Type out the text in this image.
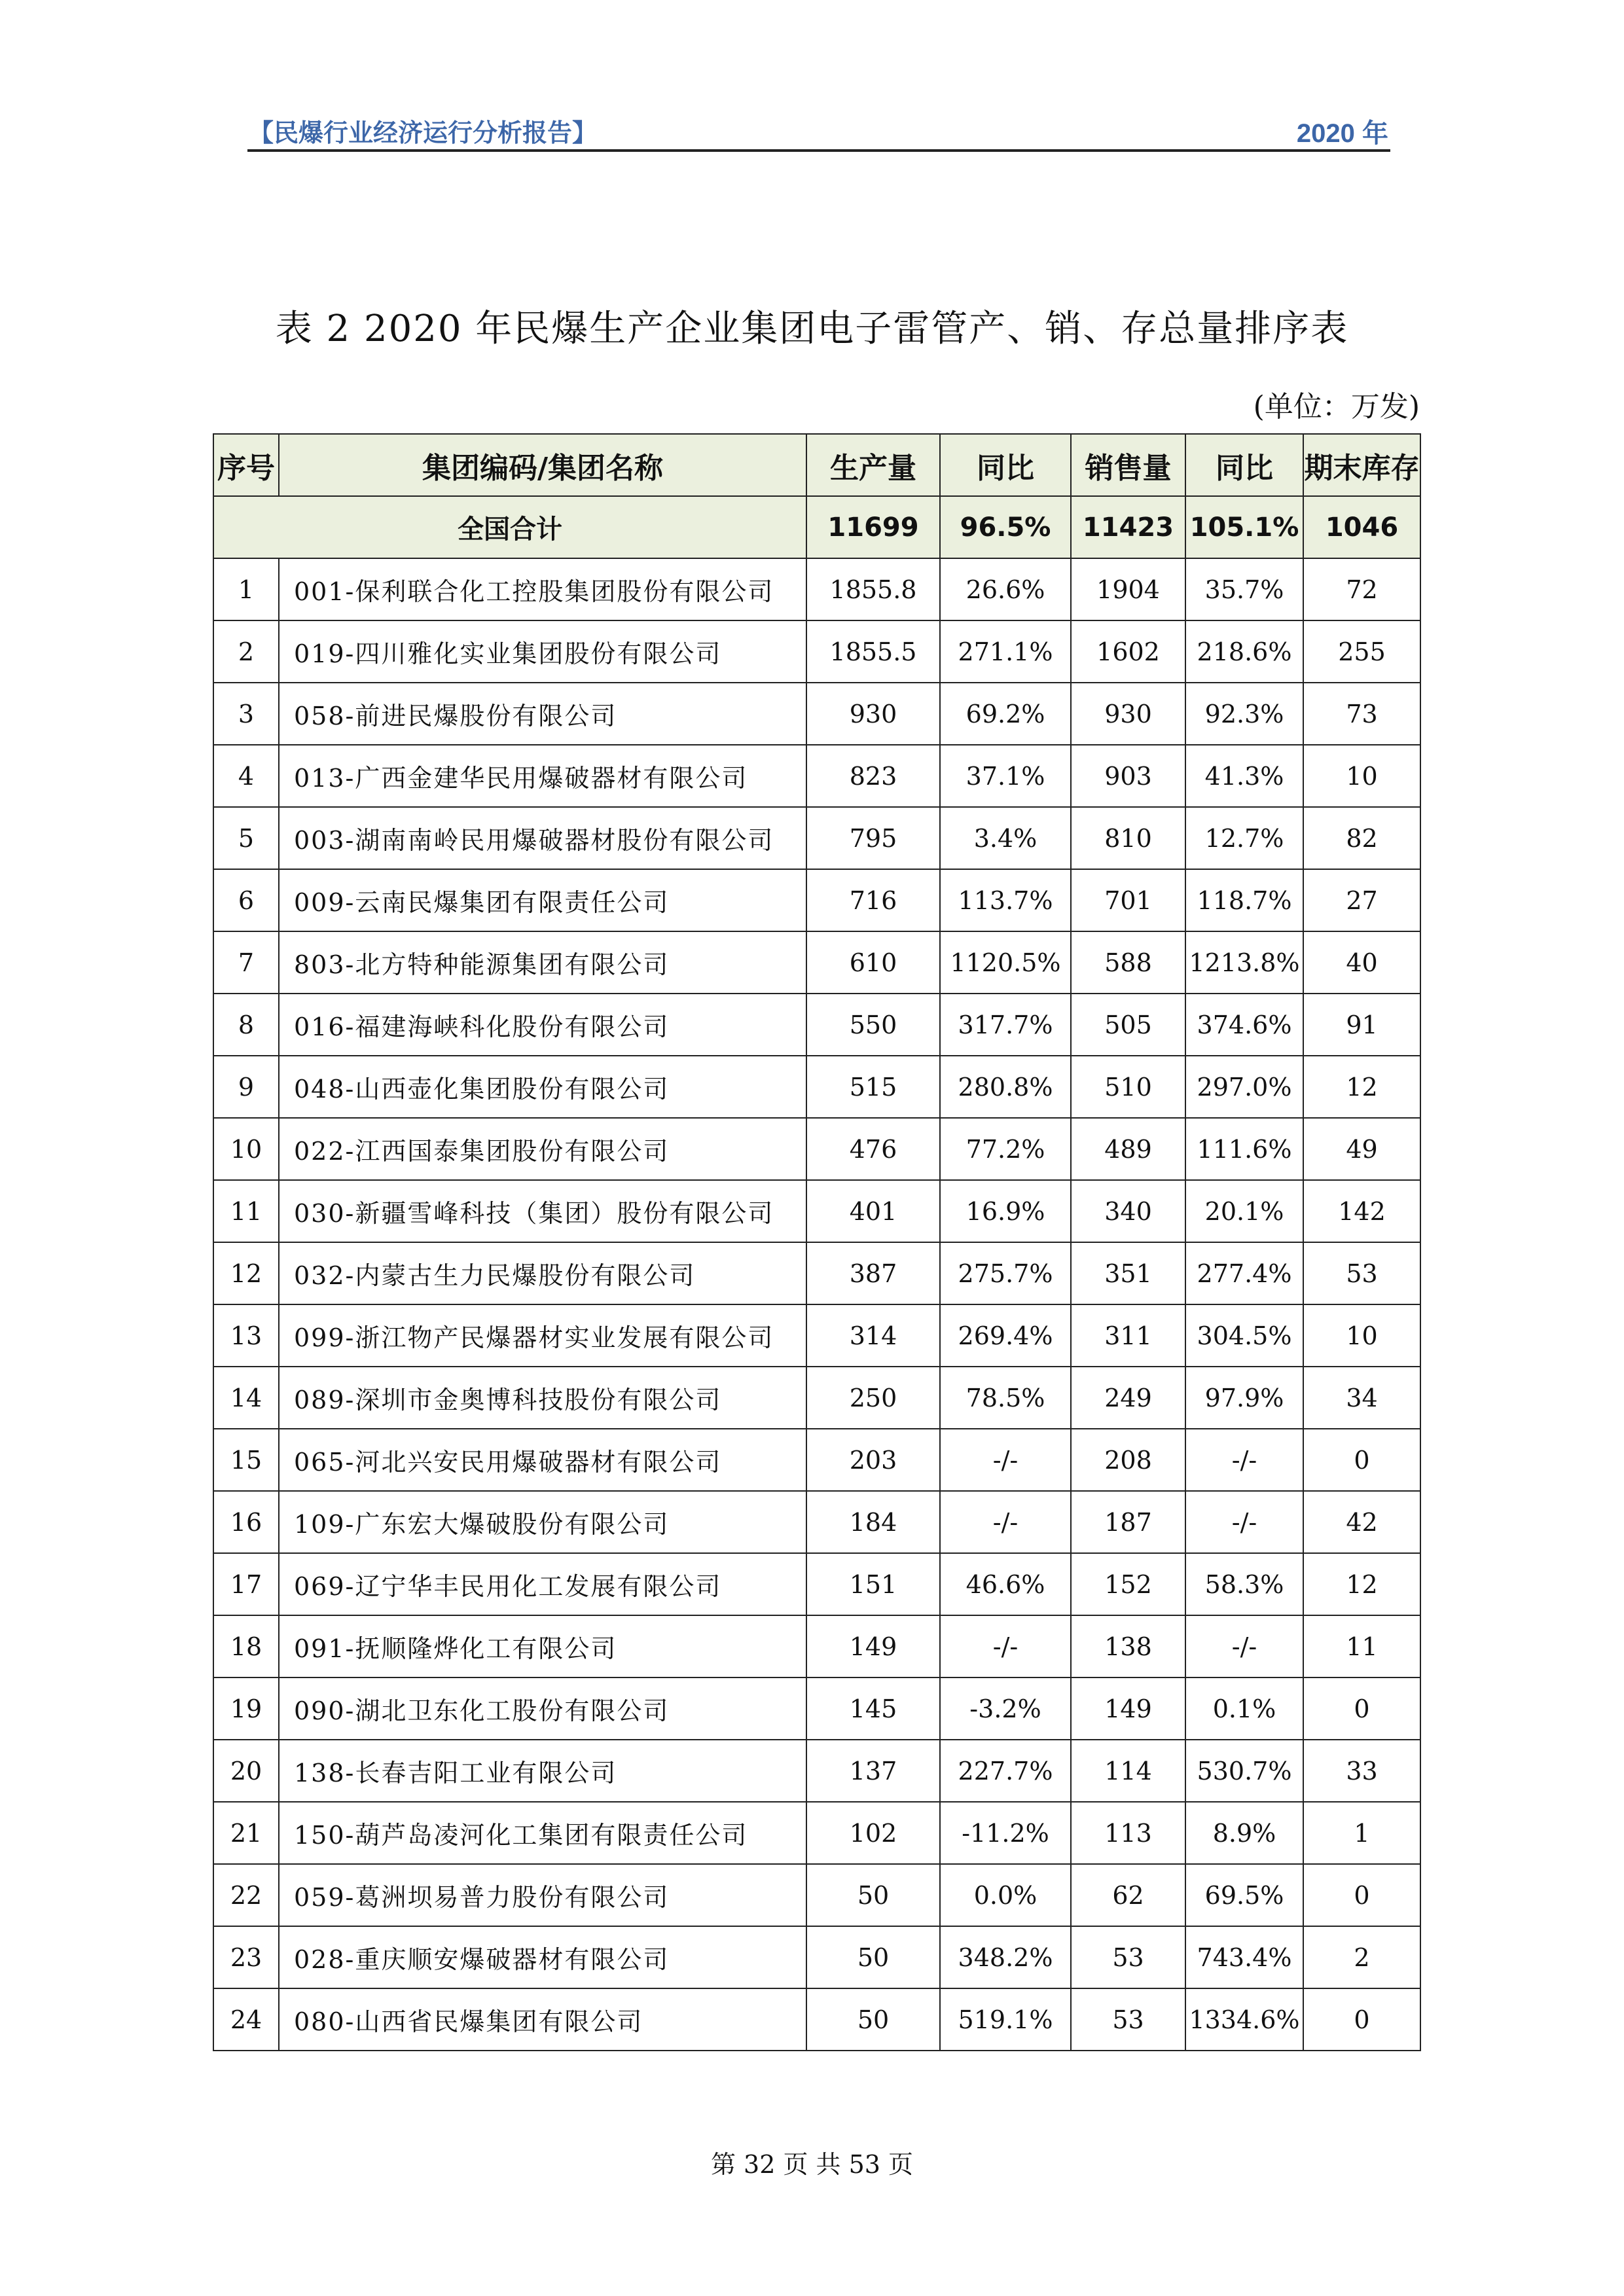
【民爆行业经济运行分析报告】	2020 年
表 2 2020 年民爆生产企业集团电子雷管产、销、存总量排序表
(单位：万发)
序号	集团编码/集团名称	生产量	同比	销售量	同比	期末库存
全国合计		11699	96.5%	11423	105.1%	1046
1	001-保利联合化工控股集团股份有限公司	1855.8	26.6%	1904	35.7%	72
2	019-四川雅化实业集团股份有限公司	1855.5	271.1%	1602	218.6%	255
3	058-前进民爆股份有限公司	930	69.2%	930	92.3%	73
4	013-广西金建华民用爆破器材有限公司	823	37.1%	903	41.3%	10
5	003-湖南南岭民用爆破器材股份有限公司	795	3.4%	810	12.7%	82
6	009-云南民爆集团有限责任公司	716	113.7%	701	118.7%	27
7	803-北方特种能源集团有限公司	610	1120.5%	588	1213.8%	40
8	016-福建海峡科化股份有限公司	550	317.7%	505	374.6%	91
9	048-山西壶化集团股份有限公司	515	280.8%	510	297.0%	12
10	022-江西国泰集团股份有限公司	476	77.2%	489	111.6%	49
11	030-新疆雪峰科技（集团）股份有限公司	401	16.9%	340	20.1%	142
12	032-内蒙古生力民爆股份有限公司	387	275.7%	351	277.4%	53
13	099-浙江物产民爆器材实业发展有限公司	314	269.4%	311	304.5%	10
14	089-深圳市金奥博科技股份有限公司	250	78.5%	249	97.9%	34
15	065-河北兴安民用爆破器材有限公司	203	-/-	208	-/-	0
16	109-广东宏大爆破股份有限公司	184	-/-	187	-/-	42
17	069-辽宁华丰民用化工发展有限公司	151	46.6%	152	58.3%	12
18	091-抚顺隆烨化工有限公司	149	-/-	138	-/-	11
19	090-湖北卫东化工股份有限公司	145	-3.2%	149	0.1%	0
20	138-长春吉阳工业有限公司	137	227.7%	114	530.7%	33
21	150-葫芦岛凌河化工集团有限责任公司	102	-11.2%	113	8.9%	1
22	059-葛洲坝易普力股份有限公司	50	0.0%	62	69.5%	0
23	028-重庆顺安爆破器材有限公司	50	348.2%	53	743.4%	2
24	080-山西省民爆集团有限公司	50	519.1%	53	1334.6%	0
第 32 页 共 53 页
